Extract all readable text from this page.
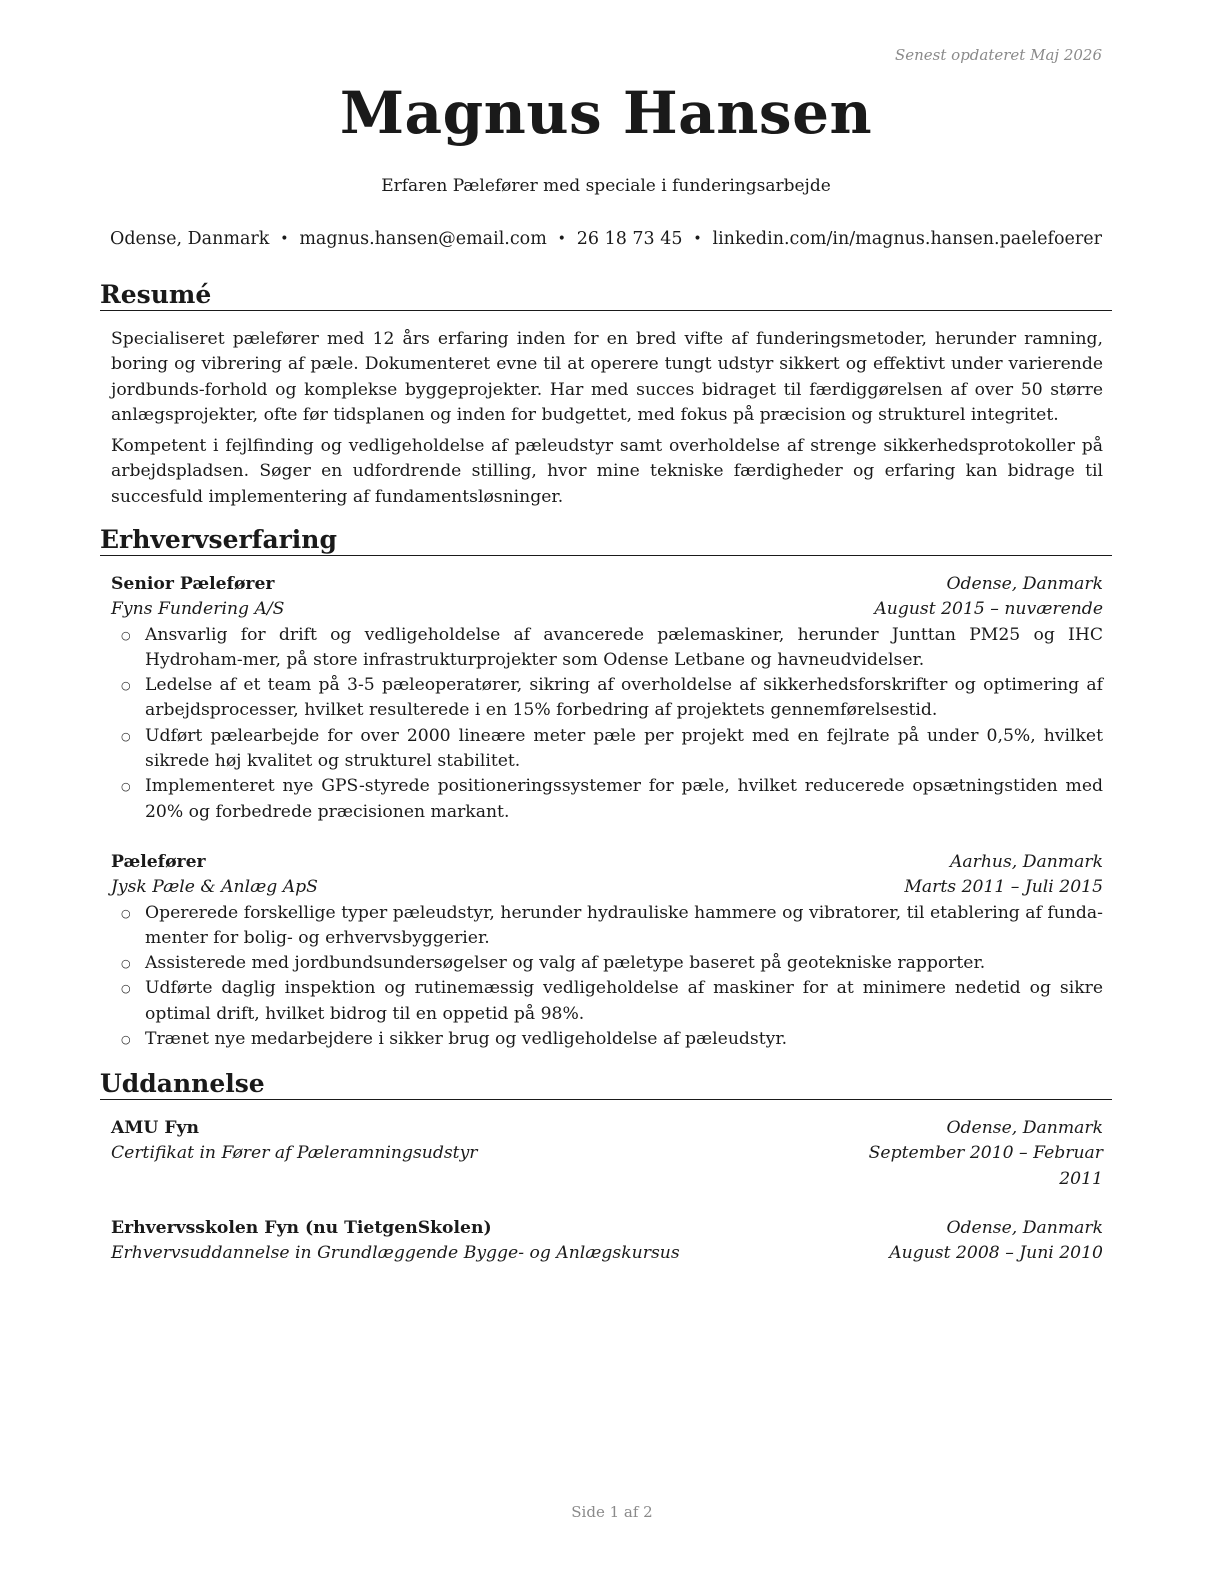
Senest opdateret Maj 2026
Magnus Hansen
Erfaren Pælefører med speciale i funderingsarbejde
Odense, Danmark • magnus.hansen@email.com • 26 18 73 45 • linkedin.com/in/magnus.hansen.paelefoerer
Resumé
Specialiseret pælefører med 12 års erfaring inden for en bred vifte af funderingsmetoder, herunder ramning, boring og vibrering af pæle. Dokumenteret evne til at operere tungt udstyr sikkert og effektivt under varierende jordbunds-forhold og komplekse byggeprojekter. Har med succes bidraget til færdiggørelsen af over 50 større anlægsprojekter, ofte før tidsplanen og inden for budgettet, med fokus på præcision og strukturel integritet.
Kompetent i fejlfinding og vedligeholdelse af pæleudstyr samt overholdelse af strenge sikkerhedsprotokoller på arbejdspladsen. Søger en udfordrende stilling, hvor mine tekniske færdigheder og erfaring kan bidrage til succesfuld implementering af fundamentsløsninger.
Erhvervserfaring
Senior Pælefører	Odense, Danmark
Fyns Fundering A/S	August 2015 – nuværende
○ Ansvarlig for drift og vedligeholdelse af avancerede pælemaskiner, herunder Junttan PM25 og IHC Hydroham-mer, på store infrastrukturprojekter som Odense Letbane og havneudvidelser.
○ Ledelse af et team på 3-5 pæleoperatører, sikring af overholdelse af sikkerhedsforskrifter og optimering af arbejdsprocesser, hvilket resulterede i en 15% forbedring af projektets gennemførelsestid.
○ Udført pælearbejde for over 2000 lineære meter pæle per projekt med en fejlrate på under 0,5%, hvilket sikrede høj kvalitet og strukturel stabilitet.
○ Implementeret nye GPS-styrede positioneringssystemer for pæle, hvilket reducerede opsætningstiden med 20% og forbedrede præcisionen markant.
Pælefører	Aarhus, Danmark
Jysk Pæle & Anlæg ApS	Marts 2011 – Juli 2015
○ Opererede forskellige typer pæleudstyr, herunder hydrauliske hammere og vibratorer, til etablering af funda-menter for bolig- og erhvervsbyggerier.
○ Assisterede med jordbundsundersøgelser og valg af pæletype baseret på geotekniske rapporter.
○ Udførte daglig inspektion og rutinemæssig vedligeholdelse af maskiner for at minimere nedetid og sikre optimal drift, hvilket bidrog til en oppetid på 98%.
○ Trænet nye medarbejdere i sikker brug og vedligeholdelse af pæleudstyr.
Uddannelse
AMU Fyn	Odense, Danmark
Certifikat in Fører af Pæleramningsudstyr	September 2010 – Februar
2011
Erhvervsskolen Fyn (nu TietgenSkolen)	Odense, Danmark
Erhvervsuddannelse in Grundlæggende Bygge- og Anlægskursus	August 2008 – Juni 2010
Side 1 af 2
